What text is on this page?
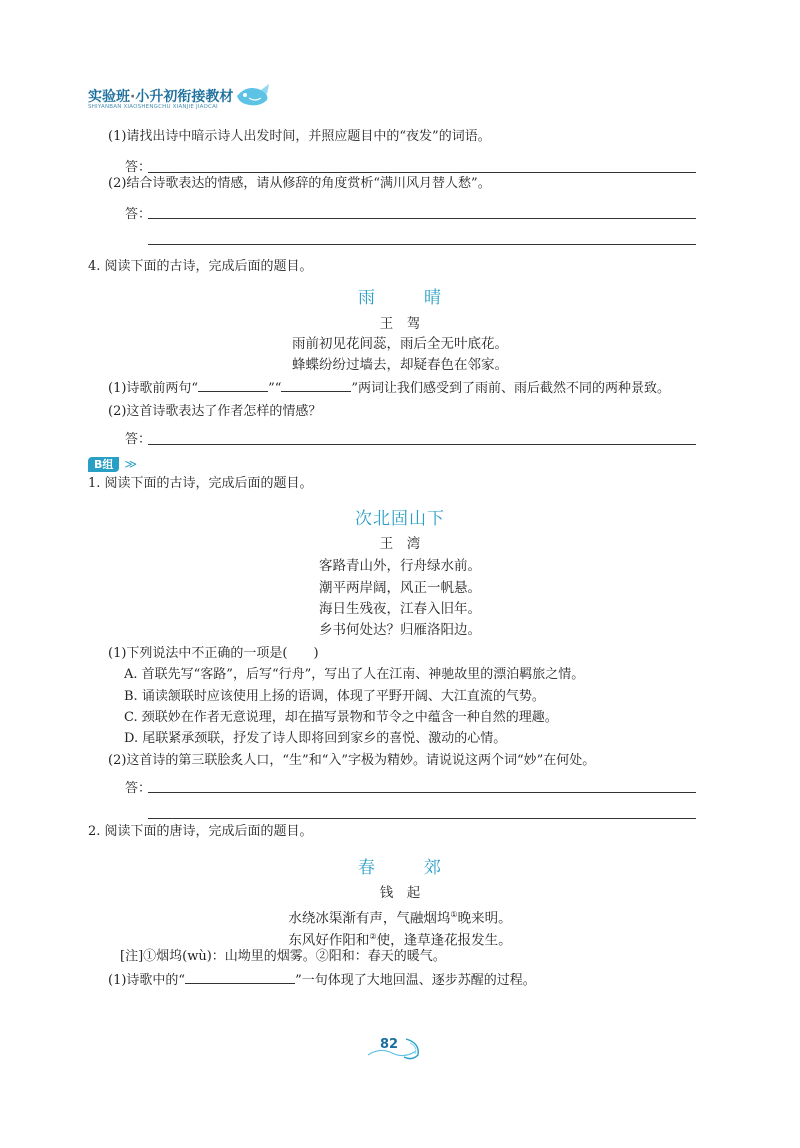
实验班·小升初衔接教材
SHIYANBAN XIAOSHENGCHU XIANJIE JIAOCAI
(1)请找出诗中暗示诗人出发时间，并照应题目中的“夜发”的词语。
答：
(2)结合诗歌表达的情感，请从修辞的角度赏析“满川风月替人愁”。
答：
4. 阅读下面的古诗，完成后面的题目。
雨	晴
王　驾
雨前初见花间蕊，雨后全无叶底花。
蜂蝶纷纷过墙去，却疑春色在邻家。
(1)诗歌前两句“	”“	”两词让我们感受到了雨前、雨后截然不同的两种景致。
(2)这首诗歌表达了作者怎样的情感？
答：
B组 ≫
1. 阅读下面的古诗，完成后面的题目。
次北固山下
王　湾
客路青山外，行舟绿水前。
潮平两岸阔，风正一帆悬。
海日生残夜，江春入旧年。
乡书何处达？归雁洛阳边。
(1)下列说法中不正确的一项是(　　)
A. 首联先写“客路”，后写“行舟”，写出了人在江南、神驰故里的漂泊羁旅之情。
B. 诵读颔联时应该使用上扬的语调，体现了平野开阔、大江直流的气势。
C. 颈联妙在作者无意说理，却在描写景物和节令之中蕴含一种自然的理趣。
D. 尾联紧承颈联，抒发了诗人即将回到家乡的喜悦、激动的心情。
(2)这首诗的第三联脍炙人口，“生”和“入”字极为精妙。请说说这两个词“妙”在何处。
答：
2. 阅读下面的唐诗，完成后面的题目。
春	郊
钱　起
水绕冰渠渐有声，气融烟坞①晚来明。
东风好作阳和②使，逢草逢花报发生。
[注]①烟坞(wù)：山坳里的烟雾。②阳和：春天的暖气。
(1)诗歌中的“	”一句体现了大地回温、逐步苏醒的过程。
82
